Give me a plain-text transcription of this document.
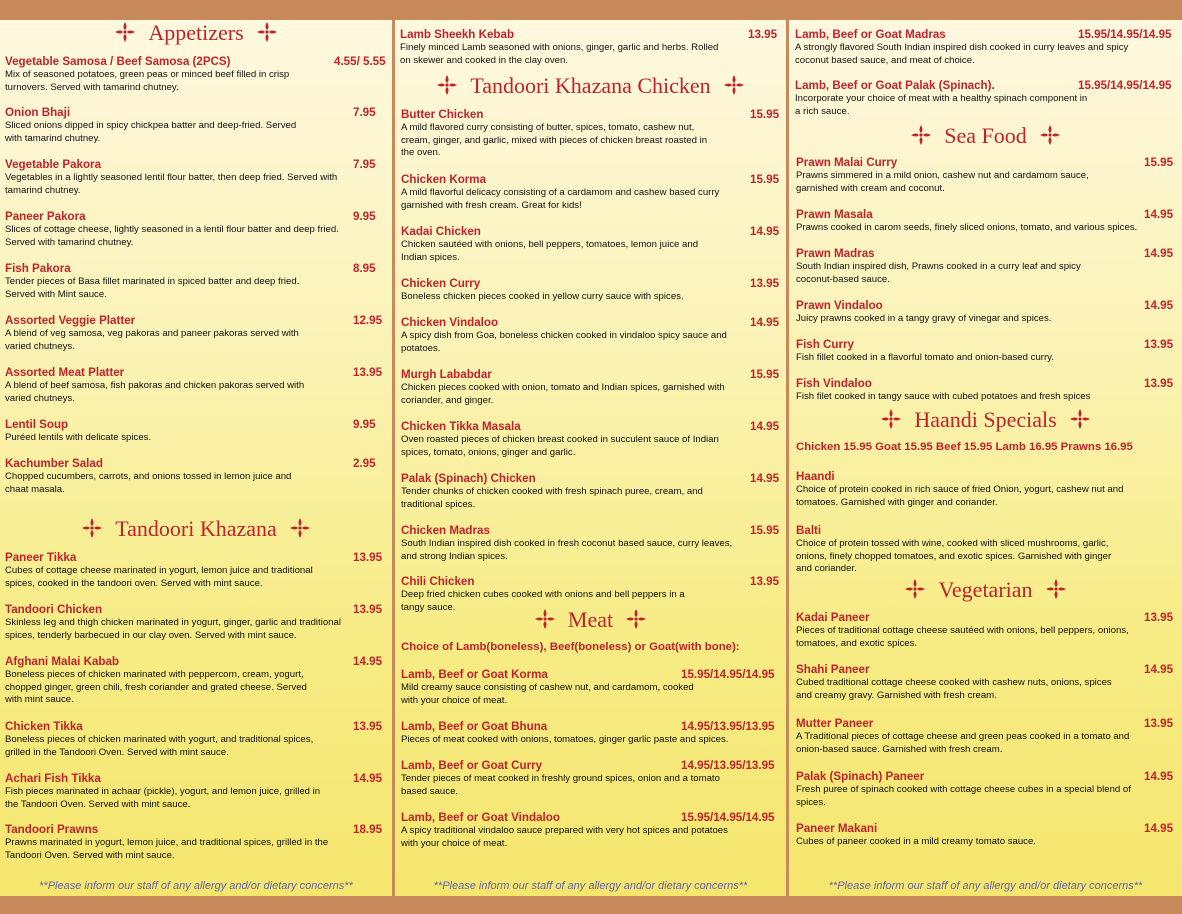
Appetizers
Vegetable Samosa / Beef Samosa (2PCS)	4.55/ 5.55
Mix of seasoned potatoes, green peas or minced beef filled in crisp turnovers. Served with tamarind chutney.
Onion Bhaji	7.95
Sliced onions dipped in spicy chickpea batter and deep-fried. Served with tamarind chutney.
Vegetable Pakora	7.95
Vegetables in a lightly seasoned lentil flour batter, then deep fried. Served with tamarind chutney.
Paneer Pakora	9.95
Slices of cottage cheese, lightly seasoned in a lentil flour batter and deep fried. Served with tamarind chutney.
Fish Pakora	8.95
Tender pieces of Basa fillet marinated in spiced batter and deep fried. Served with Mint sauce.
Assorted Veggie Platter	12.95
A blend of veg samosa, veg pakoras and paneer pakoras served with varied chutneys.
Assorted Meat Platter	13.95
A blend of beef samosa, fish pakoras and chicken pakoras served with varied chutneys.
Lentil Soup	9.95
Puréed lentils with delicate spices.
Kachumber Salad	2.95
Chopped cucumbers, carrots, and onions tossed in lemon juice and chaat masala.
Tandoori Khazana
Paneer Tikka	13.95
Cubes of cottage cheese marinated in yogurt, lemon juice and traditional spices, cooked in the tandoori oven. Served with mint sauce.
Tandoori Chicken	13.95
Skinless leg and thigh chicken marinated in yogurt, ginger, garlic and traditional spices, tenderly barbecued in our clay oven. Served with mint sauce.
Afghani Malai Kabab	14.95
Boneless pieces of chicken marinated with peppercorn, cream, yogurt, chopped ginger, green chili, fresh coriander and grated cheese. Served with mint sauce.
Chicken Tikka	13.95
Boneless pieces of chicken marinated with yogurt, and traditional spices, grilled in the Tandoori Oven. Served with mint sauce.
Achari Fish Tikka	14.95
Fish pieces marinated in achaar (pickle), yogurt, and lemon juice, grilled in the Tandoori Oven. Served with mint sauce.
Tandoori Prawns	18.95
Prawns marinated in yogurt, lemon juice, and traditional spices, grilled in the Tandoori Oven. Served with mint sauce.
**Please inform our staff of any allergy and/or dietary concerns**
Lamb Sheekh Kebab	13.95
Finely minced Lamb seasoned with onions, ginger, garlic and herbs. Rolled on skewer and cooked in the clay oven.
Tandoori Khazana Chicken
Butter Chicken	15.95
A mild flavored curry consisting of butter, spices, tomato, cashew nut, cream, ginger, and garlic, mixed with pieces of chicken breast roasted in the oven.
Chicken Korma	15.95
A mild flavorful delicacy consisting of a cardamom and cashew based curry garnished with fresh cream. Great for kids!
Kadai Chicken	14.95
Chicken sautéed with onions, bell peppers, tomatoes, lemon juice and Indian spices.
Chicken Curry	13.95
Boneless chicken pieces cooked in yellow curry sauce with spices.
Chicken Vindaloo	14.95
A spicy dish from Goa, boneless chicken cooked in vindaloo spicy sauce and potatoes.
Murgh Lababdar	15.95
Chicken pieces cooked with onion, tomato and Indian spices, garnished with coriander, and ginger.
Chicken Tikka Masala	14.95
Oven roasted pieces of chicken breast cooked in succulent sauce of Indian spices, tomato, onions, ginger and garlic.
Palak (Spinach) Chicken	14.95
Tender chunks of chicken cooked with fresh spinach puree, cream, and traditional spices.
Chicken Madras	15.95
South Indian inspired dish cooked in fresh coconut based sauce, curry leaves, and strong Indian spices.
Chili Chicken	13.95
Deep fried chicken cubes cooked with onions and bell peppers in a tangy sauce.	Meat
Choice of Lamb(boneless), Beef(boneless) or Goat(with bone):
Lamb, Beef or Goat Korma	15.95/14.95/14.95
Mild creamy sauce consisting of cashew nut, and cardamom, cooked with your choice of meat.
Lamb, Beef or Goat Bhuna	14.95/13.95/13.95
Pieces of meat cooked with onions, tomatoes, ginger garlic paste and spices.
Lamb, Beef or Goat Curry	14.95/13.95/13.95
Tender pieces of meat cooked in freshly ground spices, onion and a tomato based sauce.
Lamb, Beef or Goat Vindaloo	15.95/14.95/14.95
A spicy traditional vindaloo sauce prepared with very hot spices and potatoes with your choice of meat.
**Please inform our staff of any allergy and/or dietary concerns**
Lamb, Beef or Goat Madras	15.95/14.95/14.95
A strongly flavored South Indian inspired dish cooked in curry leaves and spicy coconut based sauce, and meat of choice.
Lamb, Beef or Goat Palak (Spinach).	15.95/14.95/14.95
Incorporate your choice of meat with a healthy spinach component in a rich sauce.
Sea Food
Prawn Malai Curry	15.95
Prawns simmered in a mild onion, cashew nut and cardamom sauce, garnished with cream and coconut.
Prawn Masala	14.95
Prawns cooked in carom seeds, finely sliced onions, tomato, and various spices.
Prawn Madras	14.95
South Indian inspired dish, Prawns cooked in a curry leaf and spicy coconut-based sauce.
Prawn Vindaloo	14.95
Juicy prawns cooked in a tangy gravy of vinegar and spices.
Fish Curry	13.95
Fish fillet cooked in a flavorful tomato and onion-based curry.
Fish Vindaloo	13.95
Fish filet cooked in tangy sauce with cubed potatoes and fresh spices
Haandi Specials
Chicken 15.95 Goat 15.95 Beef 15.95 Lamb 16.95 Prawns 16.95
Haandi
Choice of protein cooked in rich sauce of fried Onion, yogurt, cashew nut and tomatoes. Garnished with ginger and coriander.
Balti
Choice of protein tossed with wine, cooked with sliced mushrooms, garlic, onions, finely chopped tomatoes, and exotic spices. Garnished with ginger and coriander.
Vegetarian
Kadai Paneer	13.95
Pieces of traditional cottage cheese sautéed with onions, bell peppers, onions, tomatoes, and exotic spices.
Shahi Paneer	14.95
Cubed traditional cottage cheese cooked with cashew nuts, onions, spices and creamy gravy. Garnished with fresh cream.
Mutter Paneer	13.95
A Traditional pieces of cottage cheese and green peas cooked in a tomato and onion-based sauce. Garnished with fresh cream.
Palak (Spinach) Paneer	14.95
Fresh puree of spinach cooked with cottage cheese cubes in a special blend of spices.
Paneer Makani	14.95
Cubes of paneer cooked in a mild creamy tomato sauce.
**Please inform our staff of any allergy and/or dietary concerns**
